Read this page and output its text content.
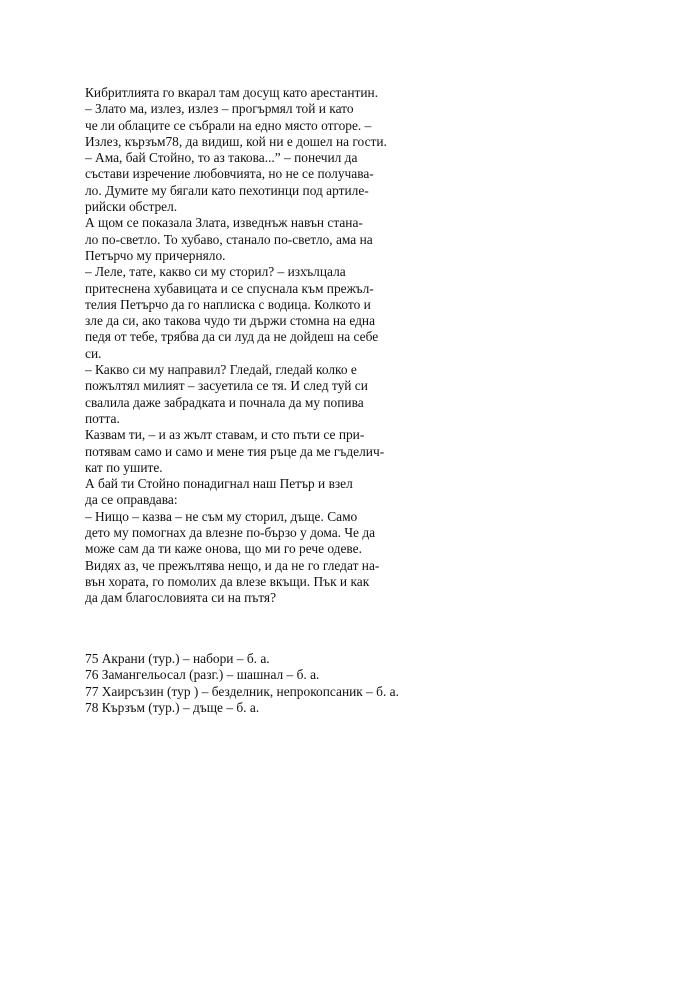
Кибритлията го вкарал там досущ като арестантин.
– Злато ма, излез, излез – прогърмял той и като
че ли облаците се събрали на едно място отгоре. –
Излез, кързъм78, да видиш, кой ни е дошел на гости.
– Ама, бай Стойно, то аз такова...” – понечил да
състави изречение любовчията, но не се получава-
ло. Думите му бягали като пехотинци под артиле-
рийски обстрел.
А щом се показала Злата, изведнъж навън станa-
ло по-светло. То хубаво, станало по-светло, ама на
Петърчо му причерняло.
– Леле, тате, какво си му сторил? – изхълцала
притеснена хубавицата и се спуснала към прежъл-
телия Петърчо да го наплиска с водица. Колкото и
зле да си, ако такова чудо ти държи стомна на една
педя от тебе, трябва да си луд да не дойдеш на себе
си.
– Какво си му направил? Гледай, гледай колко е
пожълтял милият – засуетила се тя. И след туй си
свалила даже забрадката и почнала да му попива
потта.
Казвам ти, – и аз жълт ставам, и сто пъти се при-
потявам само и само и мене тия ръце да ме гъделич-
кат по ушите.
А бай ти Стойно понадигнал наш Петър и взел
да се оправдава:
– Нищо – казва – не съм му сторил, дъще. Само
дето му помогнах да влезне по-бързо у дома. Че да
може сам да ти каже онова, що ми го рече одеве.
Видях аз, че прежълтява нещо, и да не го гледат на-
вън хората, го помолих да влезе вкъщи. Пък и как
да дам благословията си на пътя?
75 Акрани (тур.) – набори – б. а.
76 Замангельосал (разг.) – шашнал – б. а.
77 Хаирсъзин (тур ) – безделник, непрокопсаник – б. а.
78 Кързъм (тур.) – дъще – б. а.
